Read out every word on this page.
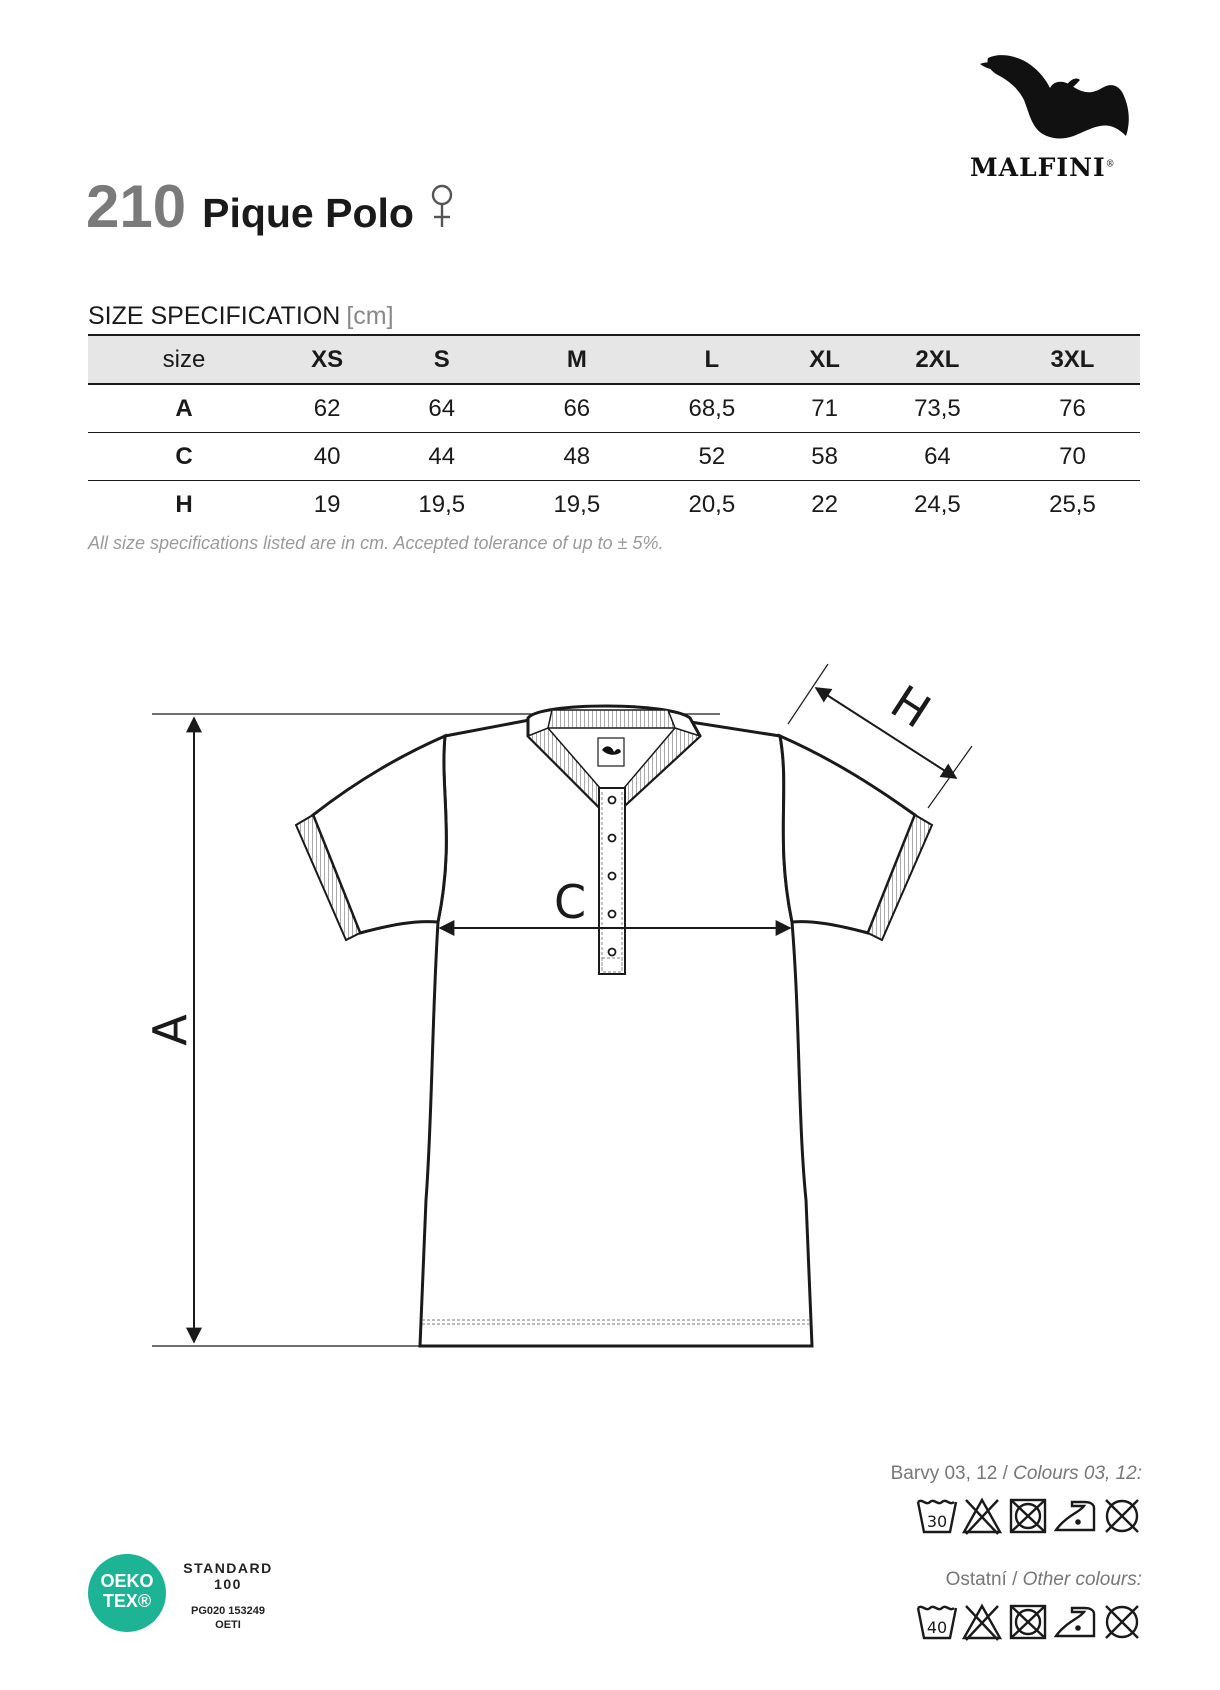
MALFINI®
210 Pique Polo
SIZE SPECIFICATION [cm]
size	XS	S	M	L	XL	2XL	3XL
A	62	64	66	68,5	71	73,5	76
C	40	44	48	52	58	64	70
H	19	19,5	19,5	20,5	22	24,5	25,5
All size specifications listed are in cm. Accepted tolerance of up to ± 5%.
A
C
H
Barvy 03, 12 / Colours 03, 12:
30
Ostatní / Other colours:
40
OEKO
TEX®
STANDARD
100
PG020 153249
OETI
